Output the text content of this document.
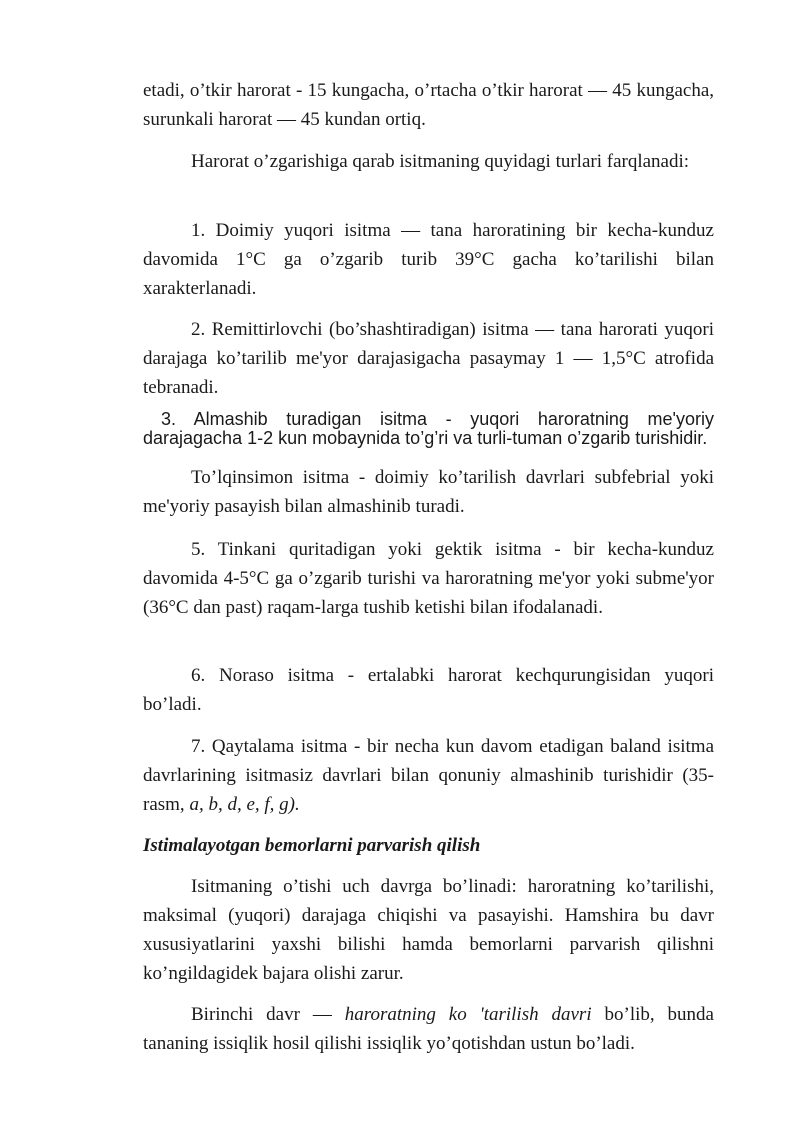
etadi, o’tkir harorat - 15 kungacha, o’rtacha o’tkir harorat — 45 kungacha, surunkali harorat — 45 kundan ortiq.

Harorat o’zgarishiga qarab isitmaning quyidagi turlari farqlanadi:

1. Doimiy yuqori isitma — tana haroratining bir kecha-kunduz davomida 1°C ga o’zgarib turib 39°C gacha ko’tarilishi bilan xarakterlanadi.

2. Remittirlovchi (bo’shashtiradigan) isitma — tana harorati yuqori darajaga ko’tarilib me'yor darajasigacha pasaymay 1 — 1,5°C atrofida tebranadi.

3. Almashib turadigan isitma - yuqori haroratning me'yoriy darajagacha 1-2 kun mobaynida to’g’ri va turli-tuman o’zgarib turishidir.

To’lqinsimon isitma - doimiy ko’tarilish davrlari subfebrial yoki me'yoriy pasayish bilan almashinib turadi.

5. Tinkani quritadigan yoki gektik isitma - bir kecha-kunduz davomida 4-5°C ga o’zgarib turishi va haroratning me'yor yoki subme'yor (36°C dan past) raqam-larga tushib ketishi bilan ifodalanadi.

6. Noraso isitma - ertalabki harorat kechqurungisidan yuqori bo’ladi.

7. Qaytalama isitma - bir necha kun davom etadigan baland isitma davrlarining isitmasiz davrlari bilan qonuniy almashinib turishidir (35- rasm, a, b, d, e, f, g).

Istimalayotgan bemorlarni parvarish qilish

Isitmaning o’tishi uch davrga bo’linadi: haroratning ko’tarilishi, maksimal (yuqori) darajaga chiqishi va pasayishi. Hamshira bu davr xususiyatlarini yaxshi bilishi hamda bemorlarni parvarish qilishni ko’ngildagidek bajara olishi zarur.

Birinchi davr — haroratning ko 'tarilish davri bo’lib, bunda tananing issiqlik hosil qilishi issiqlik yo’qotishdan ustun bo’ladi.
